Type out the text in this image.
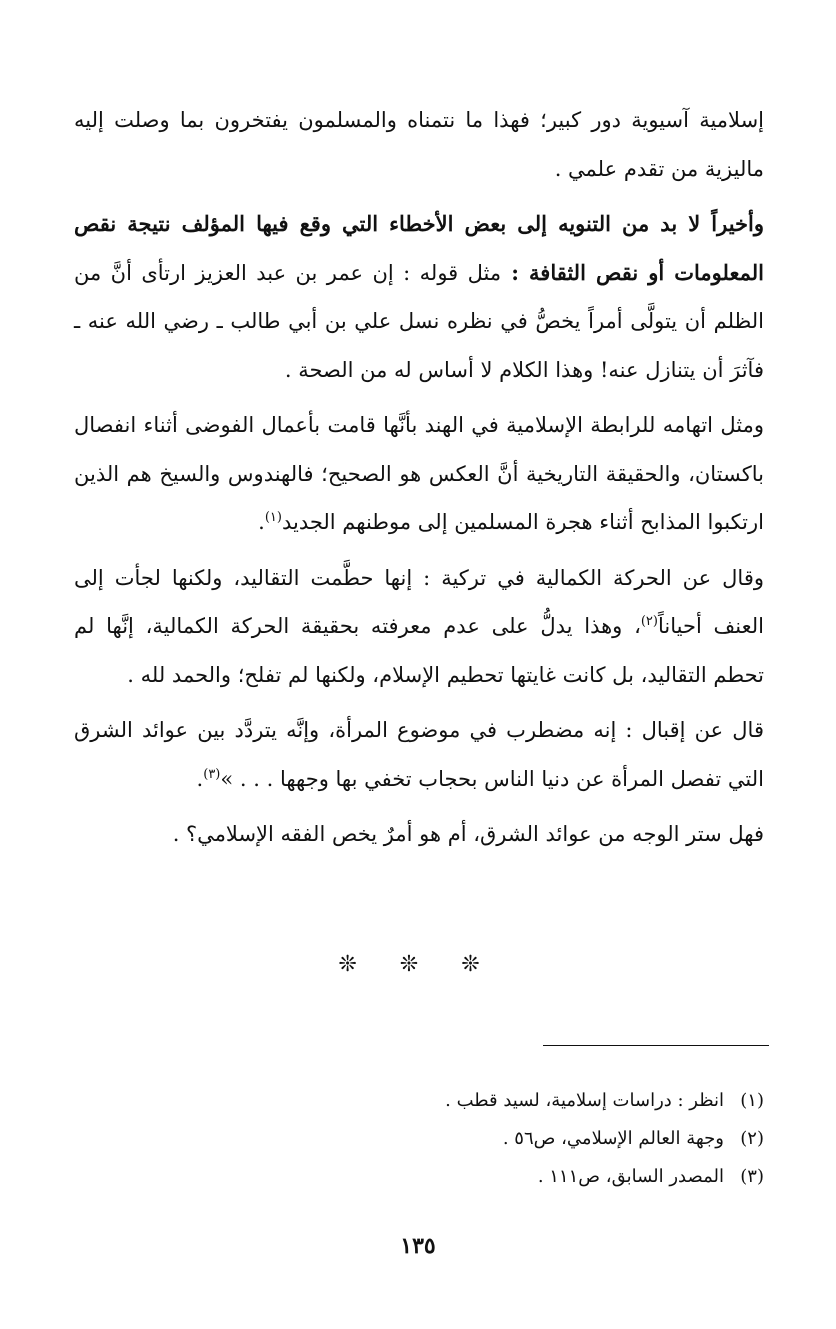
إسلامية آسيوية دور كبير؛ فهذا ما نتمناه والمسلمون يفتخرون بما وصلت إليه ماليزية من تقدم علمي .

وأخيراً لا بد من التنويه إلى بعض الأخطاء التي وقع فيها المؤلف نتيجة نقص المعلومات أو نقص الثقافة : مثل قوله : إن عمر بن عبد العزيز ارتأى أنَّ من الظلم أن يتولَّى أمراً يخصُّ في نظره نسل علي بن أبي طالب ـ رضي الله عنه ـ فآثرَ أن يتنازل عنه! وهذا الكلام لا أساس له من الصحة .

ومثل اتهامه للرابطة الإسلامية في الهند بأنَّها قامت بأعمال الفوضى أثناء انفصال باكستان، والحقيقة التاريخية أنَّ العكس هو الصحيح؛ فالهندوس والسيخ هم الذين ارتكبوا المذابح أثناء هجرة المسلمين إلى موطنهم الجديد$^{(١)}$.

وقال عن الحركة الكمالية في تركية : إنها حطَّمت التقاليد، ولكنها لجأت إلى العنف أحياناً$^{(٢)}$، وهذا يدلُّ على عدم معرفته بحقيقة الحركة الكمالية، إنَّها لم تحطم التقاليد، بل كانت غايتها تحطيم الإسلام، ولكنها لم تفلح؛ والحمد لله .

قال عن إقبال : إنه مضطرب في موضوع المرأة، وإنَّه يتردَّد بين عوائد الشرق التي تفصل المرأة عن دنيا الناس بحجاب تخفي بها وجهها . . . »$^{(٣)}$.

فهل ستر الوجه من عوائد الشرق، أم هو أمرٌ يخص الفقه الإسلامي؟ .

❊ ❊ ❊

(١)انظر : دراسات إسلامية، لسيد قطب .

(٢)وجهة العالم الإسلامي، ص٥٦ .

(٣)المصدر السابق، ص١١١ .

١٣٥
